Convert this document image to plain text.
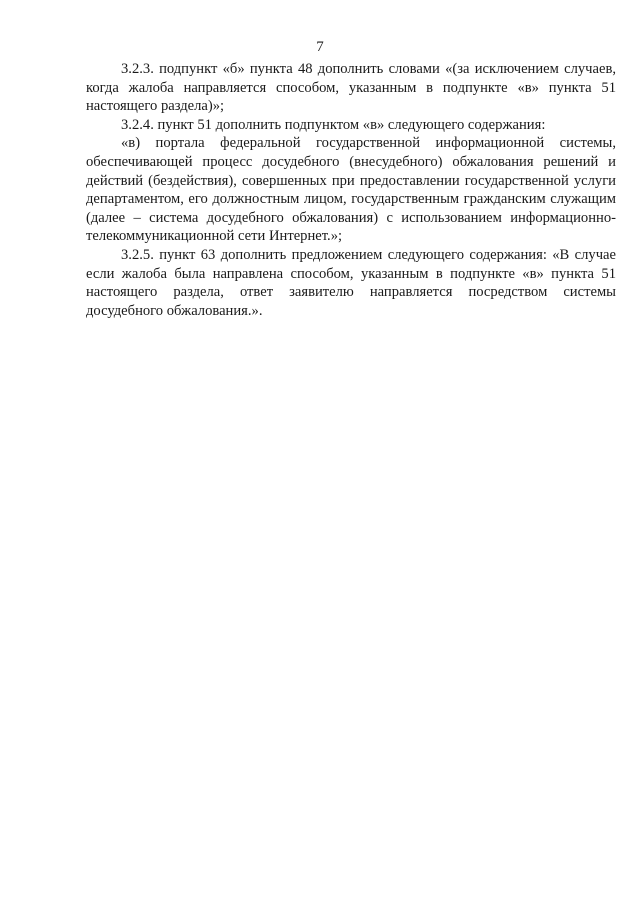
7

3.2.3. подпункт «б» пункта 48 дополнить словами «(за исключением случаев, когда жалоба направляется способом, указанным в подпункте «в» пункта 51 настоящего раздела)»;

3.2.4. пункт 51 дополнить подпунктом «в» следующего содержания:

«в) портала федеральной государственной информационной системы, обеспечивающей процесс досудебного (внесудебного) обжалования решений и действий (бездействия), совершенных при предоставлении государственной услуги департаментом, его должностным лицом, государственным гражданским служащим (далее – система досудебного обжалования) с использованием информационно-телекоммуникационной сети Интернет.»;

3.2.5. пункт 63 дополнить предложением следующего содержания: «В случае если жалоба была направлена способом, указанным в подпункте «в» пункта 51 настоящего раздела, ответ заявителю направляется посредством системы досудебного обжалования.».
